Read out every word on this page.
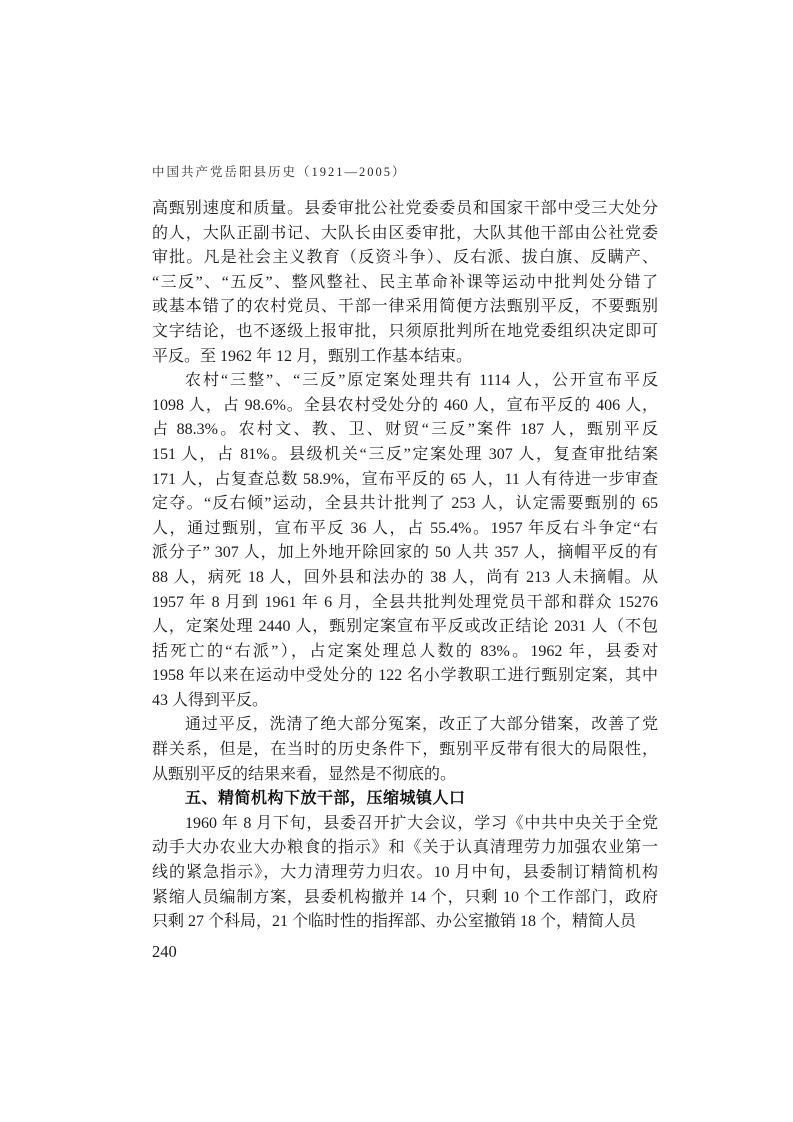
中国共产党岳阳县历史（1921—2005）
高甄别速度和质量。县委审批公社党委委员和国家干部中受三大处分
的人，大队正副书记、大队长由区委审批，大队其他干部由公社党委
审批。凡是社会主义教育（反资斗争）、反右派、拔白旗、反瞒产、
“三反”、“五反”、整风整社、民主革命补课等运动中批判处分错了
或基本错了的农村党员、干部一律采用简便方法甄别平反，不要甄别
文字结论，也不逐级上报审批，只须原批判所在地党委组织决定即可
平反。至 1962 年 12 月，甄别工作基本结束。
农村“三整”、“三反”原定案处理共有 1114 人，公开宣布平反
1098 人，占 98.6%。全县农村受处分的 460 人，宣布平反的 406 人，
占 88.3%。农村文、教、卫、财贸“三反”案件 187 人，甄别平反
151 人，占 81%。县级机关“三反”定案处理 307 人，复查审批结案
171 人，占复查总数 58.9%，宣布平反的 65 人，11 人有待进一步审查
定夺。“反右倾”运动，全县共计批判了 253 人，认定需要甄别的 65
人，通过甄别，宣布平反 36 人，占 55.4%。1957 年反右斗争定“右
派分子” 307 人，加上外地开除回家的 50 人共 357 人，摘帽平反的有
88 人，病死 18 人，回外县和法办的 38 人，尚有 213 人未摘帽。从
1957 年 8 月到 1961 年 6 月，全县共批判处理党员干部和群众 15276
人，定案处理 2440 人，甄别定案宣布平反或改正结论 2031 人（不包
括死亡的“右派”），占定案处理总人数的 83%。1962 年，县委对
1958 年以来在运动中受处分的 122 名小学教职工进行甄别定案，其中
43 人得到平反。
通过平反，洗清了绝大部分冤案，改正了大部分错案，改善了党
群关系，但是，在当时的历史条件下，甄别平反带有很大的局限性，
从甄别平反的结果来看，显然是不彻底的。
五、精简机构下放干部，压缩城镇人口
1960 年 8 月下旬，县委召开扩大会议，学习《中共中央关于全党
动手大办农业大办粮食的指示》和《关于认真清理劳力加强农业第一
线的紧急指示》，大力清理劳力归农。10 月中旬，县委制订精简机构
紧缩人员编制方案，县委机构撤并 14 个，只剩 10 个工作部门，政府
只剩 27 个科局，21 个临时性的指挥部、办公室撤销 18 个，精简人员
240
